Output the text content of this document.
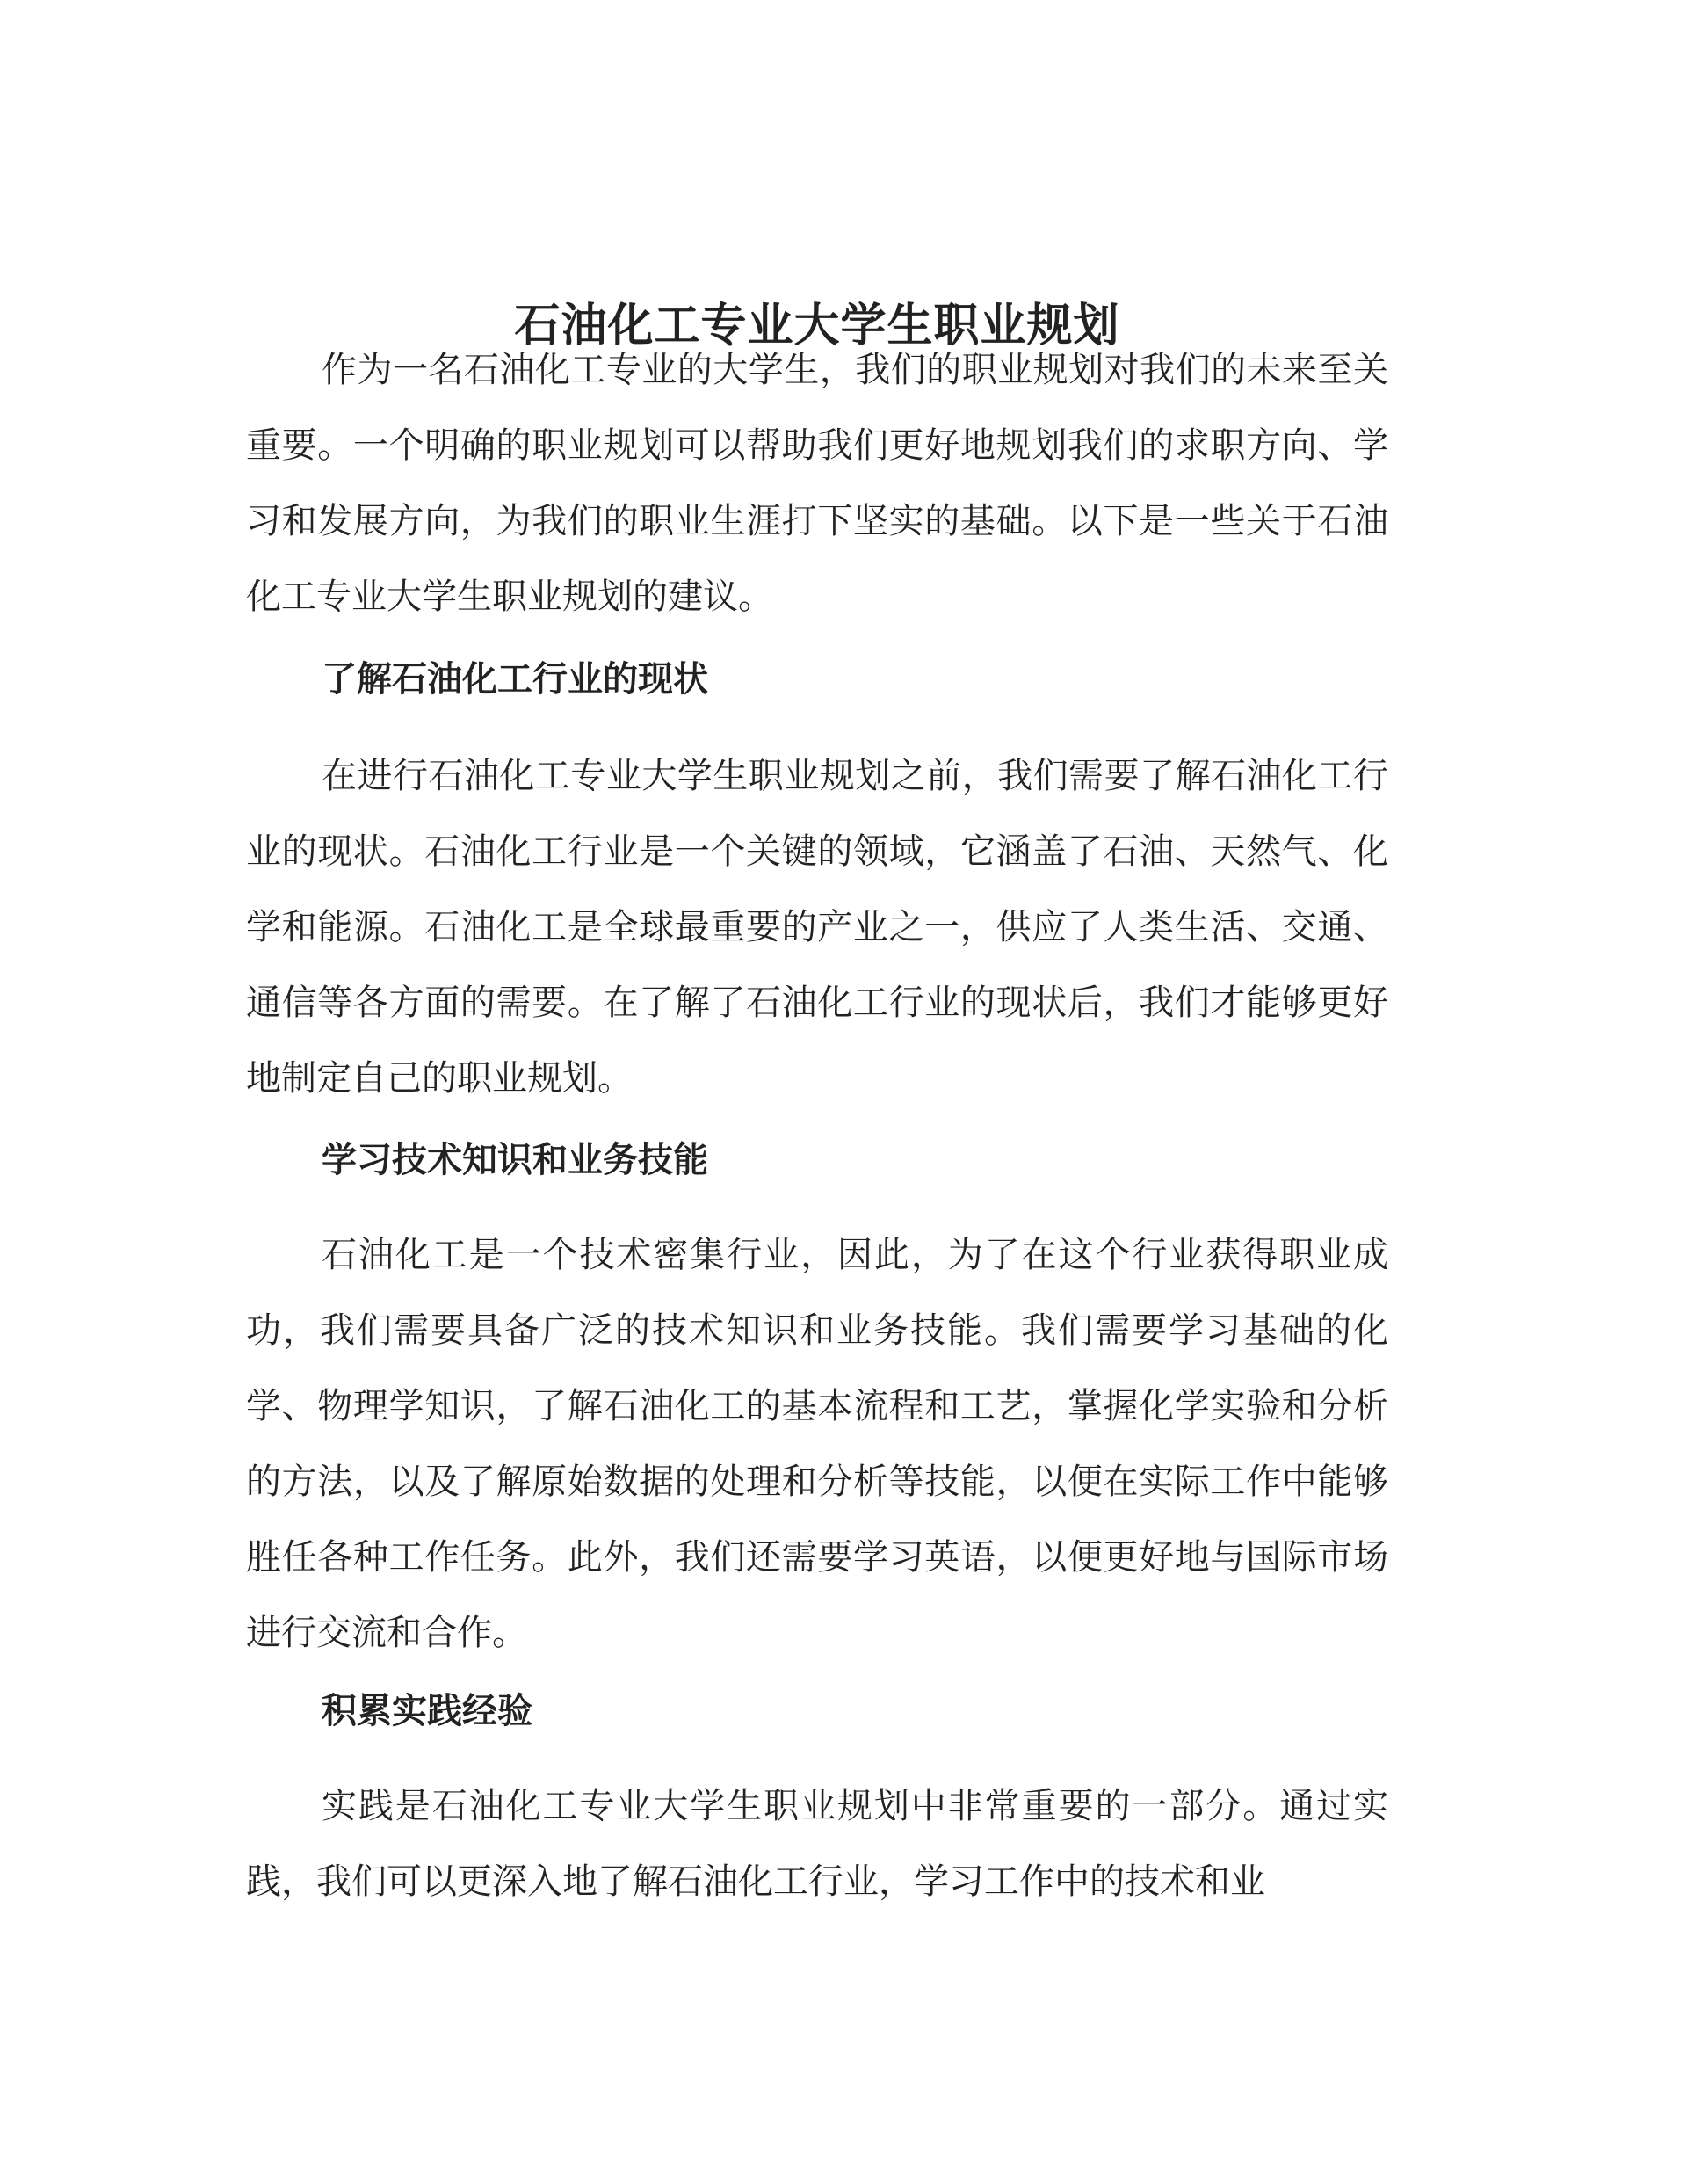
石油化工专业大学生职业规划

作为一名石油化工专业的大学生，我们的职业规划对我们的未来至关重要。一个明确的职业规划可以帮助我们更好地规划我们的求职方向、学习和发展方向，为我们的职业生涯打下坚实的基础。以下是一些关于石油化工专业大学生职业规划的建议。

了解石油化工行业的现状

在进行石油化工专业大学生职业规划之前，我们需要了解石油化工行业的现状。石油化工行业是一个关键的领域，它涵盖了石油、天然气、化学和能源。石油化工是全球最重要的产业之一，供应了人类生活、交通、通信等各方面的需要。在了解了石油化工行业的现状后，我们才能够更好地制定自己的职业规划。

学习技术知识和业务技能

石油化工是一个技术密集行业，因此，为了在这个行业获得职业成功，我们需要具备广泛的技术知识和业务技能。我们需要学习基础的化学、物理学知识，了解石油化工的基本流程和工艺，掌握化学实验和分析的方法，以及了解原始数据的处理和分析等技能，以便在实际工作中能够胜任各种工作任务。此外，我们还需要学习英语，以便更好地与国际市场进行交流和合作。

积累实践经验

实践是石油化工专业大学生职业规划中非常重要的一部分。通过实践，我们可以更深入地了解石油化工行业，学习工作中的技术和业
